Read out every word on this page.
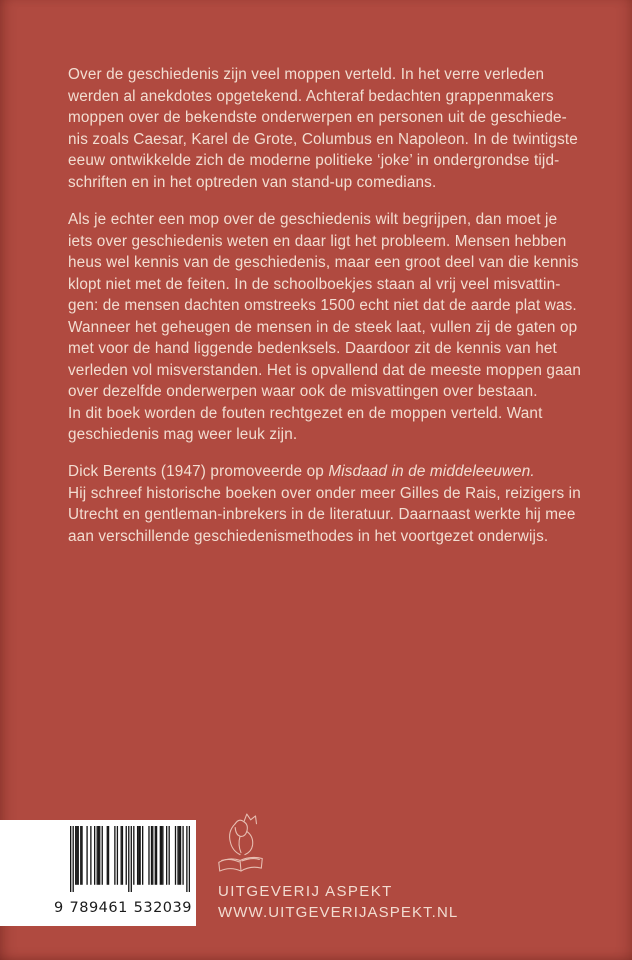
Over de geschiedenis zijn veel moppen verteld. In het verre verleden
werden al anekdotes opgetekend. Achteraf bedachten grappenmakers
moppen over de bekendste onderwerpen en personen uit de geschiede-
nis zoals Caesar, Karel de Grote, Columbus en Napoleon. In de twintigste
eeuw ontwikkelde zich de moderne politieke ‘joke’ in ondergrondse tijd-
schriften en in het optreden van stand-up comedians.

Als je echter een mop over de geschiedenis wilt begrijpen, dan moet je
iets over geschiedenis weten en daar ligt het probleem. Mensen hebben
heus wel kennis van de geschiedenis, maar een groot deel van die kennis
klopt niet met de feiten. In de schoolboekjes staan al vrij veel misvattin-
gen: de mensen dachten omstreeks 1500 echt niet dat de aarde plat was.
Wanneer het geheugen de mensen in de steek laat, vullen zij de gaten op
met voor de hand liggende bedenksels. Daardoor zit de kennis van het
verleden vol misverstanden. Het is opvallend dat de meeste moppen gaan
over dezelfde onderwerpen waar ook de misvattingen over bestaan.
In dit boek worden de fouten rechtgezet en de moppen verteld. Want
geschiedenis mag weer leuk zijn.

Dick Berents (1947) promoveerde op Misdaad in de middeleeuwen.
Hij schreef historische boeken over onder meer Gilles de Rais, reizigers in
Utrecht en gentleman-inbrekers in de literatuur. Daarnaast werkte hij mee
aan verschillende geschiedenismethodes in het voortgezet onderwijs.

9 789461 532039
UITGEVERIJ ASPEKT
WWW.UITGEVERIJASPEKT.NL
